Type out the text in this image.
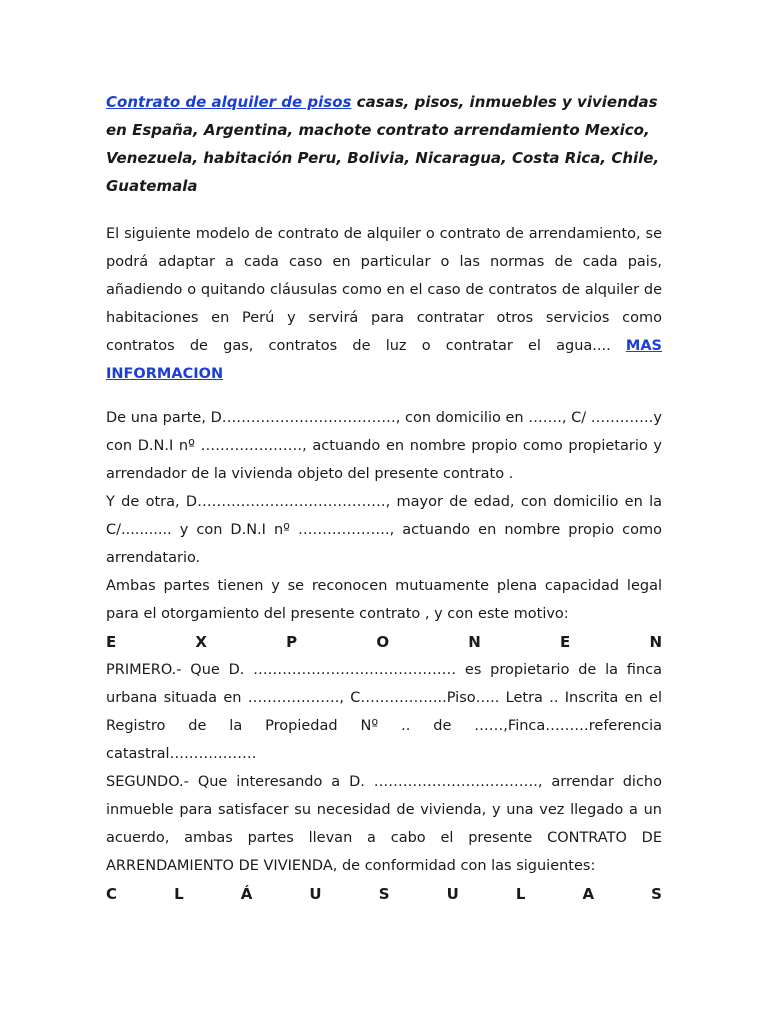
Contrato de alquiler de pisos casas, pisos, inmuebles y viviendas en España, Argentina, machote contrato arrendamiento Mexico, Venezuela, habitación Peru, Bolivia, Nicaragua, Costa Rica, Chile, Guatemala

El siguiente modelo de contrato de alquiler o contrato de arrendamiento, se podrá adaptar a cada caso en particular o las normas de cada pais, añadiendo o quitando cláusulas como en el caso de contratos de alquiler de habitaciones en Perú y servirá para contratar otros servicios como contratos de gas, contratos de luz o contratar el agua.... MAS INFORMACION

De una parte, D………………………………, con domicilio en ……., C/ ………….y con D.N.I nº …………………, actuando en nombre propio como propietario y arrendador de la vivienda objeto del presente contrato .

Y de otra, D…………………………………, mayor de edad, con domicilio en la C/........... y con D.N.I nº ………………., actuando en nombre propio como arrendatario.

Ambas partes tienen y se reconocen mutuamente plena capacidad legal para el otorgamiento del presente contrato , y con este motivo:

E	X	P	O	N	E	N

PRIMERO.- Que D. …………………………………… es propietario de la finca urbana situada en ………………., C……………...Piso….. Letra .. Inscrita en el Registro de la Propiedad Nº .. de ……,Finca………referencia catastral………………

SEGUNDO.- Que interesando a D. ……………………………., arrendar dicho inmueble para satisfacer su necesidad de vivienda, y una vez llegado a un acuerdo, ambas partes llevan a cabo el presente CONTRATO DE ARRENDAMIENTO DE VIVIENDA, de conformidad con las siguientes:

C	L	Á	U	S	U	L	A	S
